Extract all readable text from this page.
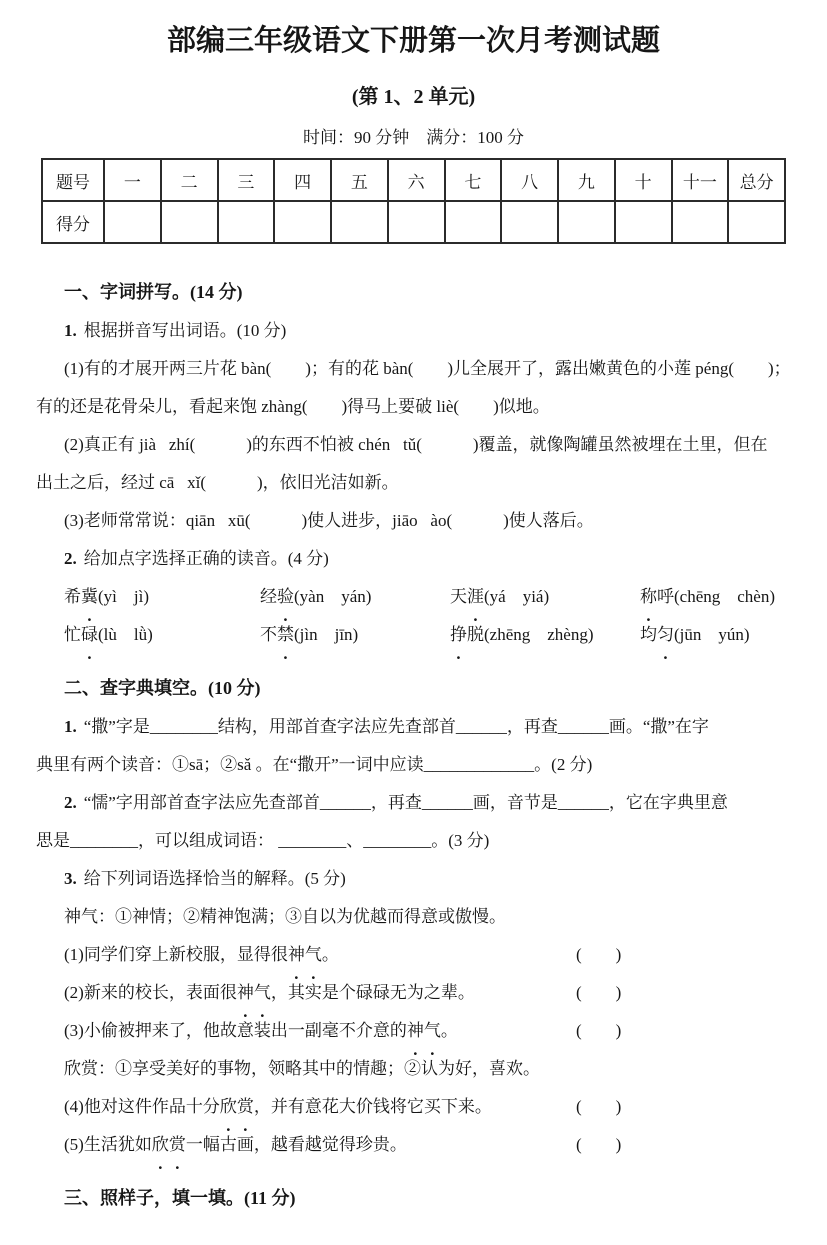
部编三年级语文下册第一次月考测试题
(第 1、2 单元)
时间：90 分钟　满分：100 分
题号	一	二	三	四	五	六	七	八	九	十	十一	总分
得分												
一、字词拼写。(14 分)
1. 根据拼音写出词语。(10 分)
(1)有的才展开两三片花 bàn(　　)；有的花 bàn(　　)儿全展开了，露出嫩黄色的小莲 péng(　　)；
有的还是花骨朵儿，看起来饱 zhàng(　　)得马上要破 liè(　　)似地。
(2)真正有 jià   zhí(　　　)的东西不怕被 chén   tǔ(　　　)覆盖，就像陶罐虽然被埋在土里，但在
出土之后，经过 cā   xǐ(　　　)，依旧光洁如新。
(3)老师常常说：qiān   xū(　　　)使人进步，jiāo   ào(　　　)使人落后。
2. 给加点字选择正确的读音。(4 分)
希冀(yì    jì)	经验(yàn    yán)	天涯(yá    yiá)	称呼(chēng    chèn)
忙碌(lù    lǜ)	不禁(jìn    jīn)	挣脱(zhēng    zhèng)	均匀(jūn    yún)
二、查字典填空。(10 分)
1. “撒”字是________结构，用部首查字法应先查部首______，再查______画。“撒”在字
典里有两个读音：①sā；②sǎ 。在“撒开”一词中应读_____________。(2 分)
2. “懦”字用部首查字法应先查部首______，再查______画，音节是______，它在字典里意
思是________，可以组成词语： ________、________。(3 分)
3. 给下列词语选择恰当的解释。(5 分)
神气：①神情；②精神饱满；③自以为优越而得意或傲慢。
(1)同学们穿上新校服，显得很神气。	(　　)
(2)新来的校长，表面很神气，其实是个碌碌无为之辈。	(　　)
(3)小偷被押来了，他故意装出一副毫不介意的神气。	(　　)
欣赏：①享受美好的事物，领略其中的情趣；②认为好，喜欢。
(4)他对这件作品十分欣赏，并有意花大价钱将它买下来。	(　　)
(5)生活犹如欣赏一幅古画，越看越觉得珍贵。	(　　)
三、照样子，填一填。(11 分)
